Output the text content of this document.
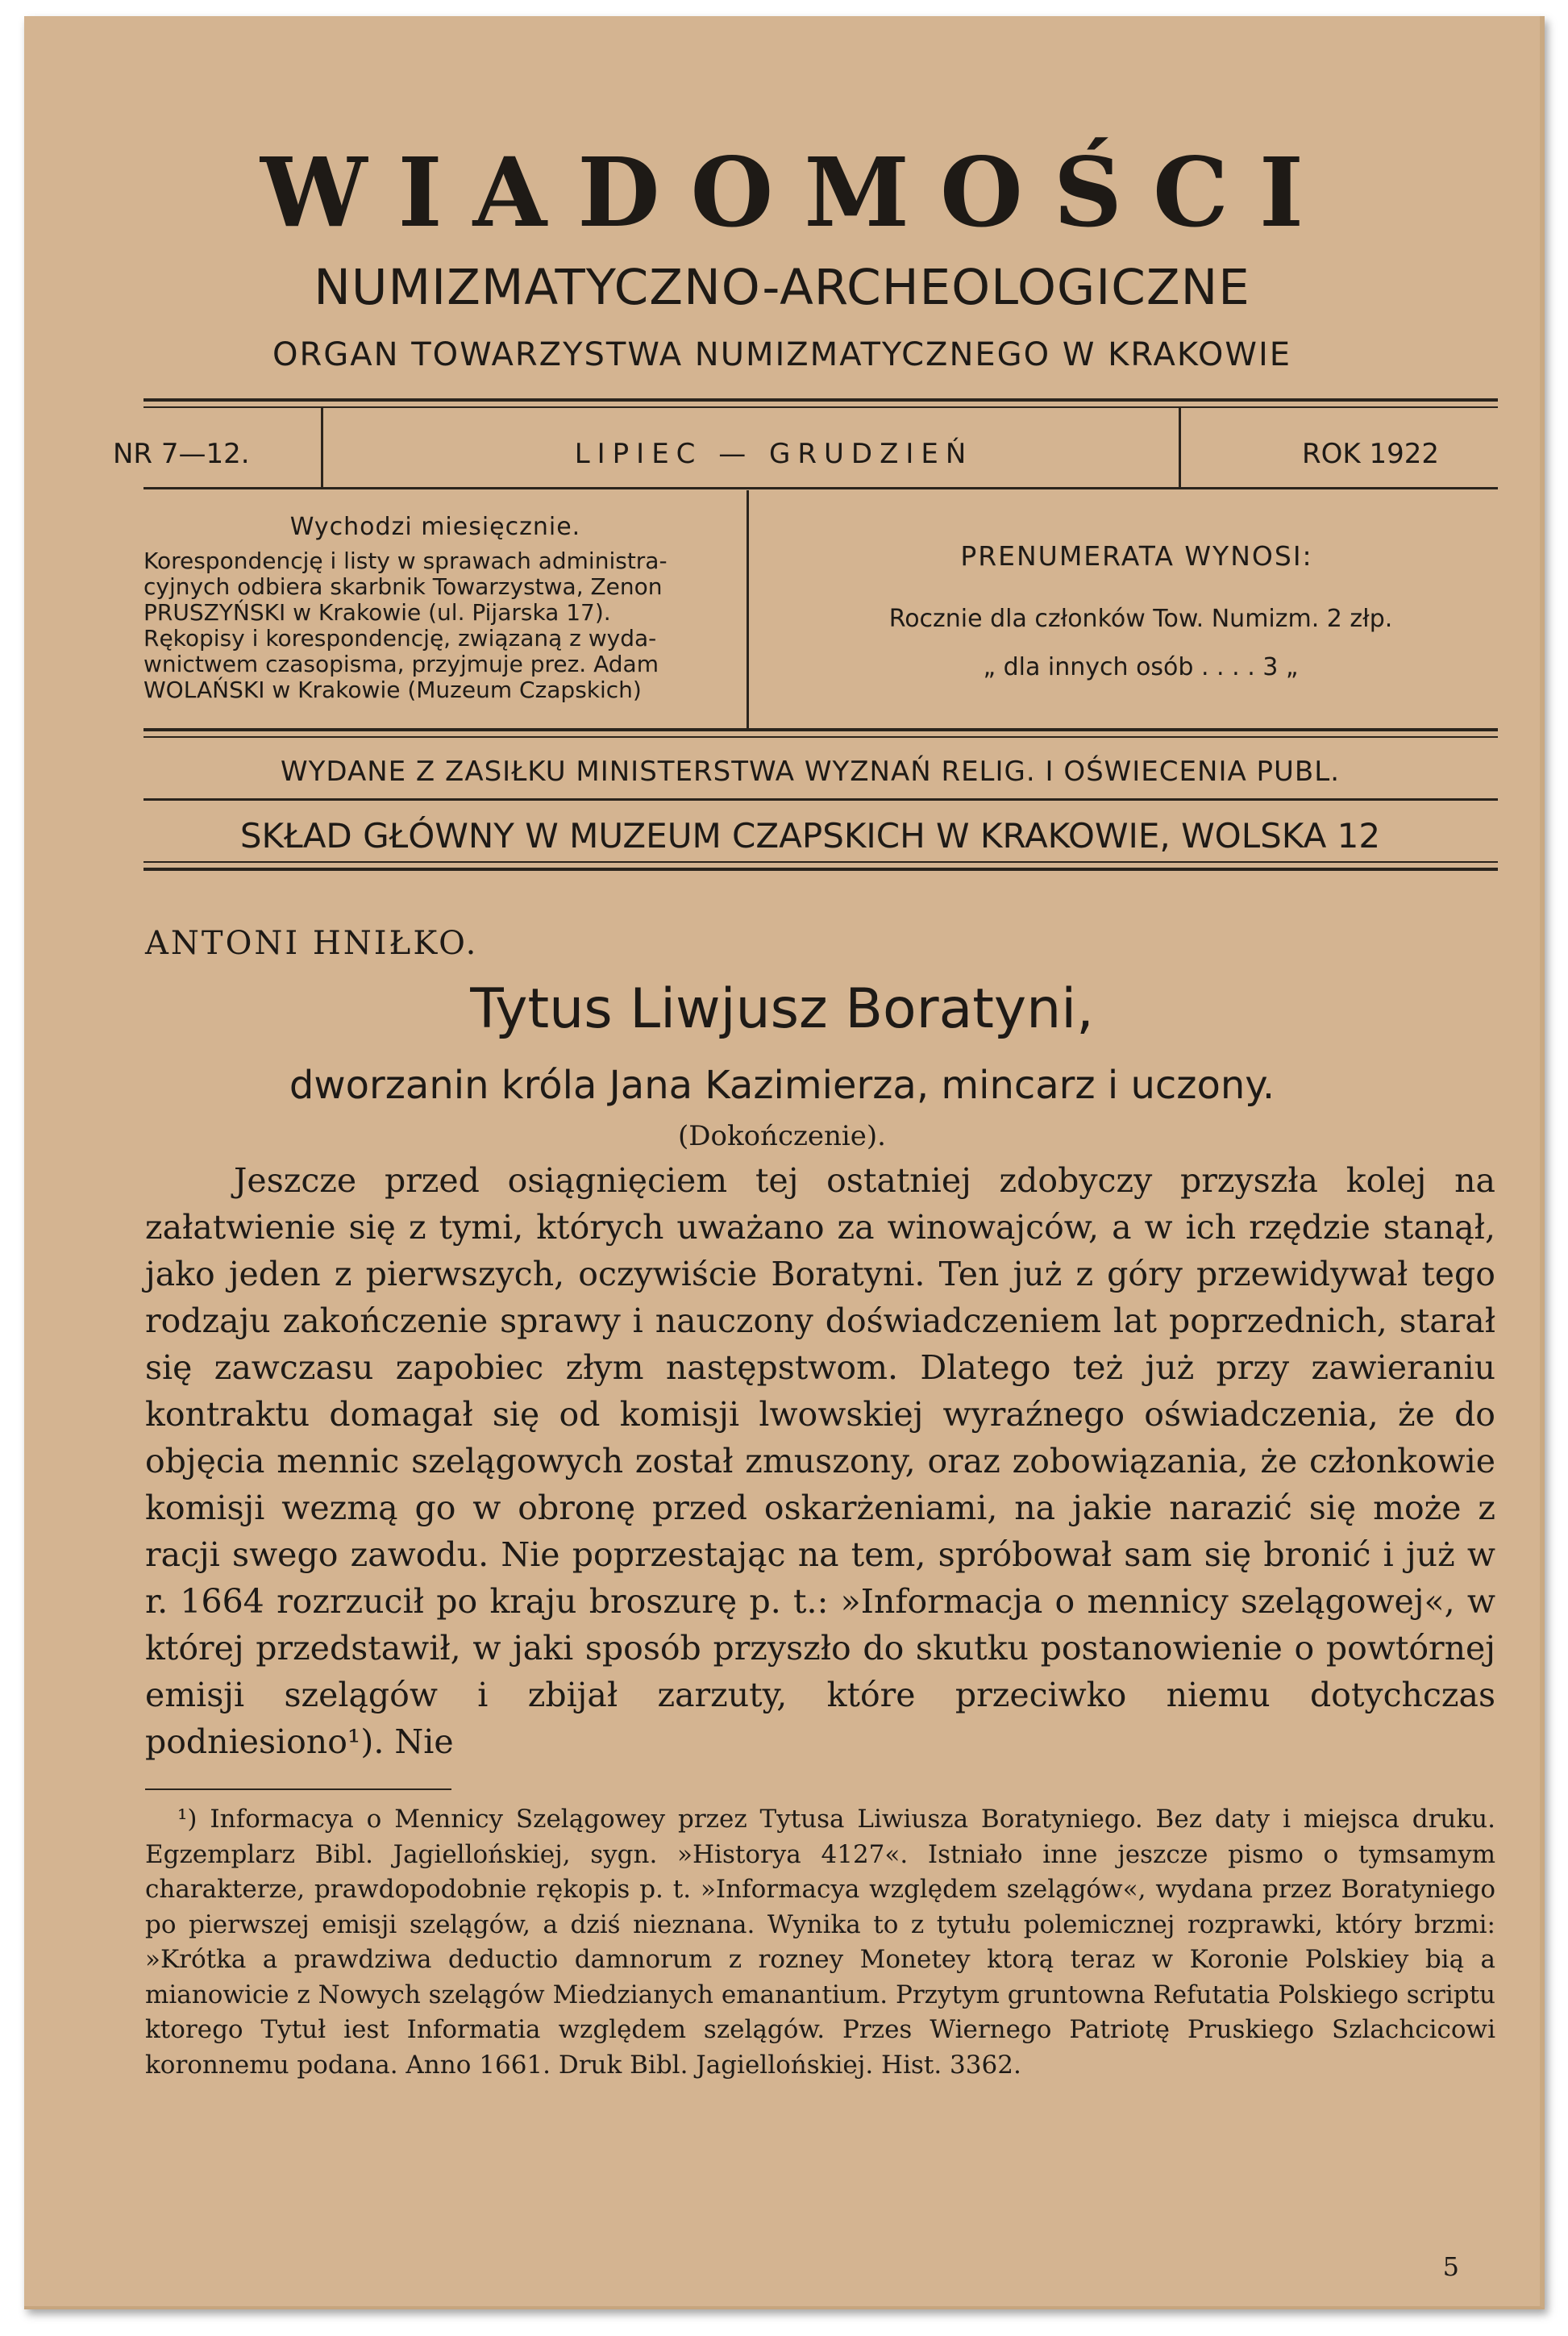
WIADOMOŚCI
NUMIZMATYCZNO-ARCHEOLOGICZNE
ORGAN TOWARZYSTWA NUMIZMATYCZNEGO W KRAKOWIE
NR 7—12.	LIPIEC — GRUDZIEŃ	ROK 1922
Wychodzi miesięcznie.
Korespondencję i listy w sprawach administra-
cyjnych odbiera skarbnik Towarzystwa, Zenon
PRUSZYŃSKI w Krakowie (ul. Pijarska 17).
Rękopisy i korespondencję, związaną z wyda-
wnictwem czasopisma, przyjmuje prez. Adam
WOLAŃSKI w Krakowie (Muzeum Czapskich)
PRENUMERATA WYNOSI:
Rocznie dla członków Tow. Numizm. 2 złp.
„ dla innych osób . . . . 3 „
WYDANE Z ZASIŁKU MINISTERSTWA WYZNAŃ RELIG. I OŚWIECENIA PUBL.
SKŁAD GŁÓWNY W MUZEUM CZAPSKICH W KRAKOWIE, WOLSKA 12
ANTONI HNIŁKO.
Tytus Liwjusz Boratyni,
dworzanin króla Jana Kazimierza, mincarz i uczony.
(Dokończenie).

Jeszcze przed osiągnięciem tej ostatniej zdobyczy przyszła kolej na załatwienie się z tymi, których uważano za winowajców, a w ich rzędzie stanął, jako jeden z pierwszych, oczywiście Boratyni. Ten już z góry przewidywał tego rodzaju zakończenie sprawy i nauczony doświadczeniem lat poprzednich, starał się zawczasu zapobiec złym następstwom. Dlatego też już przy zawieraniu kontraktu domagał się od komisji lwowskiej wyraźnego oświadczenia, że do objęcia mennic szelągowych został zmuszony, oraz zobowiązania, że członkowie komisji wezmą go w obronę przed oskarżeniami, na jakie narazić się może z racji swego zawodu. Nie poprzestając na tem, spróbował sam się bronić i już w r. 1664 rozrzucił po kraju broszurę p. t.: »Informacja o mennicy szelągowej«, w której przedstawił, w jaki sposób przyszło do skutku postanowienie o powtórnej emisji szelągów i zbijał zarzuty, które przeciwko niemu dotychczas podniesiono¹). Nie

¹) Informacya o Mennicy Szelągowey przez Tytusa Liwiusza Boratyniego. Bez daty i miejsca druku. Egzemplarz Bibl. Jagiellońskiej, sygn. »Historya 4127«. Istniało inne jeszcze pismo o tymsamym charakterze, prawdopodobnie rękopis p. t. »Informacya względem szelągów«, wydana przez Boratyniego po pierwszej emisji szelągów, a dziś nieznana. Wynika to z tytułu polemicznej rozprawki, który brzmi: »Krótka a prawdziwa deductio damnorum z rozney Monetey ktorą teraz w Koronie Polskiey bią a mianowicie z Nowych szelągów Miedzianych emanantium. Przytym gruntowna Refutatia Polskiego scriptu ktorego Tytuł iest Informatia względem szelągów. Przes Wiernego Patriotę Pruskiego Szlachcicowi koronnemu podana. Anno 1661. Druk Bibl. Jagiellońskiej. Hist. 3362.

5
